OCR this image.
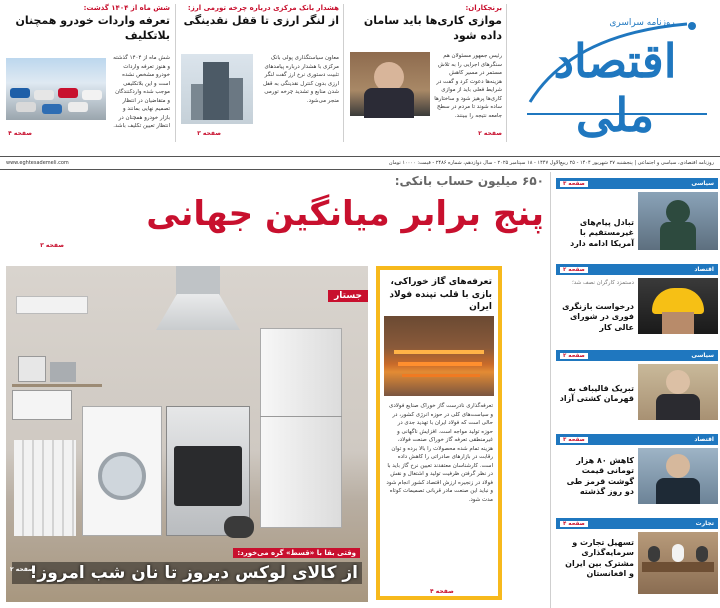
اقتصاد ملی
روزنامه سراسری
برنجکاران:
موازی کاری‌ها باید سامان داده شود
رئیس جمهور مسئولان هم سنگرهای اجرایی را به تلاش مستمر در مسیر کاهش هزینه‌ها دعوت کرد و گفت در شرایط فعلی باید از موازی کاری‌ها پرهیز شود و ساختارها ساده شوند تا مردم در سطح جامعه نتیجه را ببینند.
صفحه ۲
هشدار بانک مرکزی درباره چرخه تورمی ارز:
از لنگر ارزی تا قفل نقدینگی
معاون سیاستگذاری پولی بانک مرکزی با هشدار درباره پیامدهای تثبیت دستوری نرخ ارز گفت لنگر ارزی بدون کنترل نقدینگی به قفل شدن منابع و تشدید چرخه تورمی منجر می‌شود.
صفحه ۳
شش ماه از ۱۴۰۴ گذشت:
تعرفه واردات خودرو همچنان بلاتکلیف
شش ماه از ۱۴۰۴ گذشته و هنوز تعرفه واردات خودرو مشخص نشده است و این بلاتکلیفی موجب شده واردکنندگان و متقاضیان در انتظار تصمیم نهایی بمانند و بازار خودرو همچنان در انتظار تعیین تکلیف باشد.
صفحه ۴
روزنامه اقتصادی، سیاسی و اجتماعی | پنجشنبه ۲۷ شهریور ۱۴۰۴ - ۲۵ ربیع‌الاول ۱۴۴۷ - ۱۸ سپتامبر ۲۰۲۵ - سال دوازدهم، شماره ۲۴۸۶ - قیمت: ۱۰۰۰۰ تومان
www.eghtesademeli.com
۶۵۰ میلیون حساب بانکی:
پنج برابر میانگین جهانی
صفحه ۳
جستار
وقتی بقا با «قسط» گره می‌خورد:
از کالای لوکس دیروز تا نان شب امروز!
صفحه ۲
تعرفه‌های گاز خوراکی، بازی با قلب تپنده فولاد ایران
تعرفه‌گذاری نادرست گاز خوراک صنایع فولادی و سیاست‌های کلی در حوزه انرژی کشور، در حالی است که فولاد ایران با تهدید جدی در حوزه تولید مواجه است. افزایش ناگهانی و غیرمنطقی تعرفه گاز خوراک صنعت فولاد، هزینه تمام شده محصولات را بالا برده و توان رقابت در بازارهای صادراتی را کاهش داده است. کارشناسان معتقدند تعیین نرخ گاز باید با در نظر گرفتن ظرفیت تولید و اشتغال و نقش فولاد در زنجیره ارزش اقتصاد کشور انجام شود و نباید این صنعت مادر قربانی تصمیمات کوتاه مدت شود.
صفحه ۴
سیاسی
صفحه ۳
تبادل پیام‌های غیرمستقیم با آمریکا ادامه دارد
اقتصاد
صفحه ۲
دستمزد کارگران نصف شد؛
درخواست بازنگری فوری در شورای عالی کار
سیاسی
صفحه ۲
تبریک قالیباف به قهرمان کشتی آزاد
اقتصاد
صفحه ۳
کاهش ۸۰ هزار تومانی قیمت گوشت قرمز طی دو روز گذشته
تجارت
صفحه ۴
تسهیل تجارت و سرمایه‌گذاری مشترک بین ایران و افغانستان
